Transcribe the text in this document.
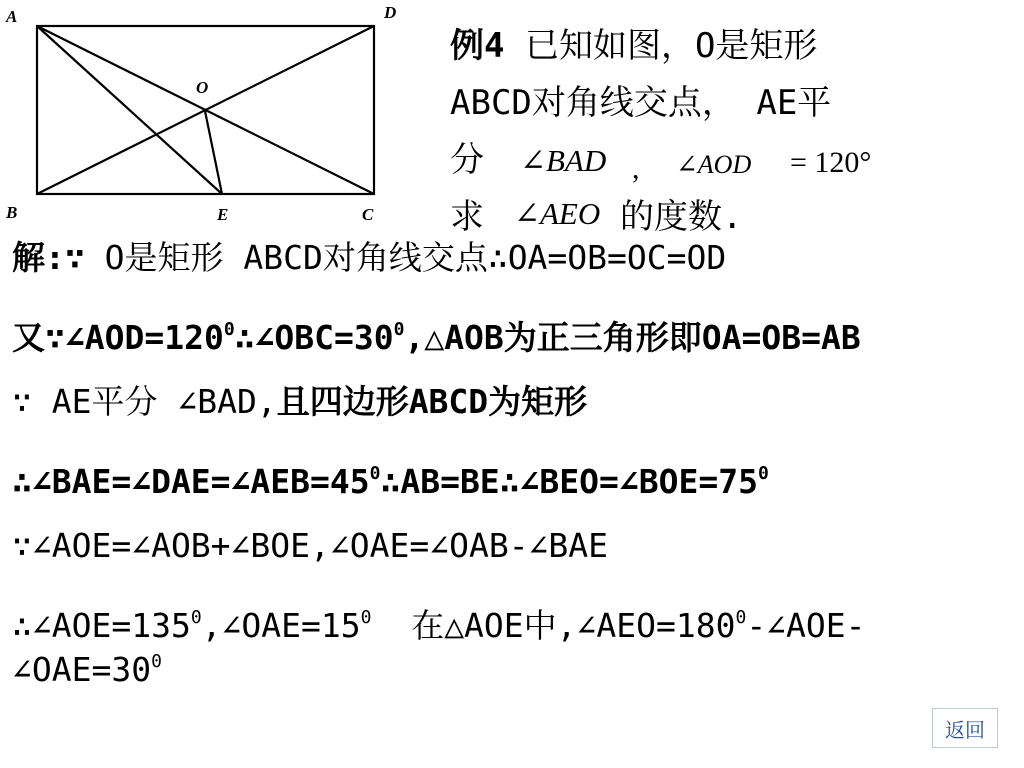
A	D
O
B	E	C
例4 已知如图，O是矩形
ABCD对角线交点， AE平
分 ∠BAD , ∠AOD = 120°
求 ∠AEO 的度数.
解:∵ O是矩形 ABCD对角线交点∴OA=OB=OC=OD
又$\because\angle AOD=120^0\therefore\angle OBC=30^0,\triangle AOB$为正三角形即OA=OB=AB
∵ AE平分 ∠BAD,且四边形ABCD为矩形
$\therefore\angle BAE=\angle DAE=\angle AEB=45^0\therefore AB=BE\therefore\angle BEO=\angle BOE=75^0$
∵∠AOE=∠AOB+∠BOE,∠OAE=∠OAB-∠BAE
$\therefore\angle AOE=135^0,\angle OAE=15^0$  在△AOE中$,\angle AEO=180^0-\angle AOE-$
$\angle OAE=30^0$
返回
